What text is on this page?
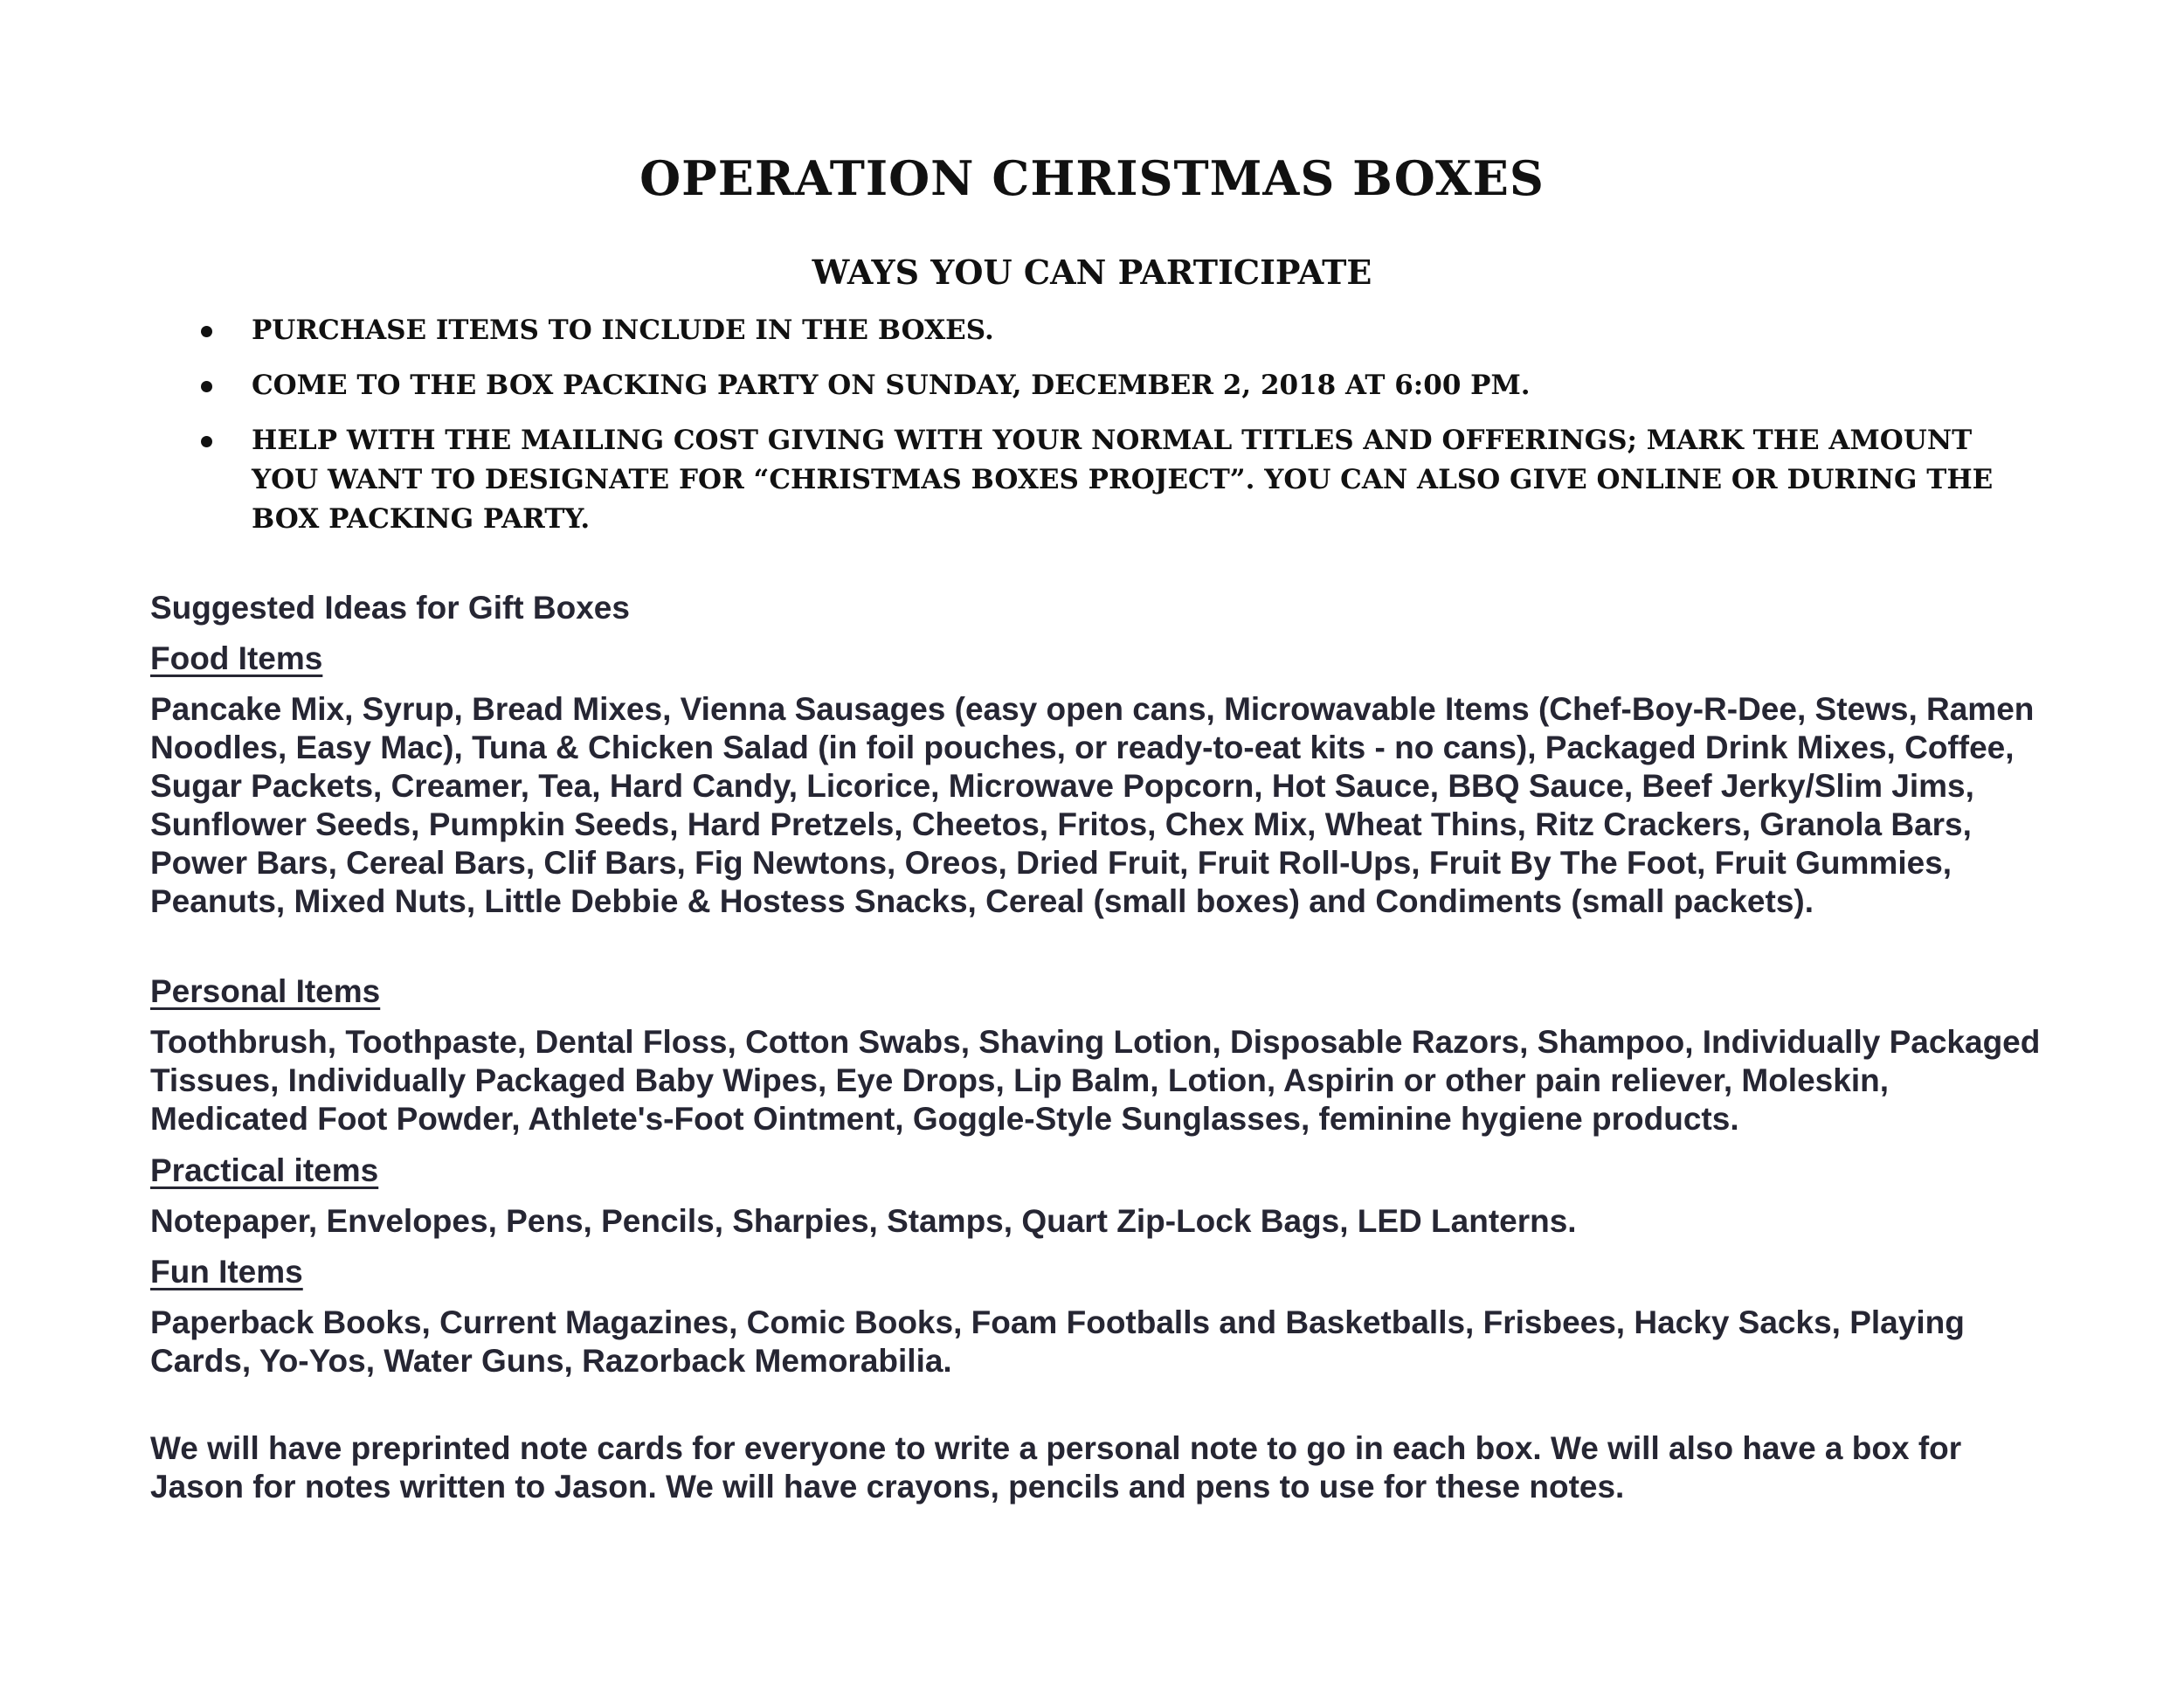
OPERATION CHRISTMAS BOXES
WAYS YOU CAN PARTICIPATE
PURCHASE ITEMS TO INCLUDE IN THE BOXES.
COME TO THE BOX PACKING PARTY ON SUNDAY, DECEMBER 2, 2018 AT 6:00 PM.
HELP WITH THE MAILING COST GIVING WITH YOUR NORMAL TITLES AND OFFERINGS; MARK THE AMOUNT YOU WANT TO DESIGNATE FOR “CHRISTMAS BOXES PROJECT”. YOU CAN ALSO GIVE ONLINE OR DURING THE BOX PACKING PARTY.
Suggested Ideas for Gift Boxes
Food Items
Pancake Mix, Syrup, Bread Mixes, Vienna Sausages (easy open cans, Microwavable Items (Chef-Boy-R-Dee, Stews, Ramen Noodles, Easy Mac), Tuna & Chicken Salad (in foil pouches, or ready-to-eat kits - no cans), Packaged Drink Mixes, Coffee, Sugar Packets, Creamer, Tea, Hard Candy, Licorice, Microwave Popcorn, Hot Sauce, BBQ Sauce, Beef Jerky/Slim Jims, Sunflower Seeds, Pumpkin Seeds, Hard Pretzels, Cheetos, Fritos, Chex Mix, Wheat Thins, Ritz Crackers, Granola Bars, Power Bars, Cereal Bars, Clif Bars, Fig Newtons, Oreos, Dried Fruit, Fruit Roll-Ups, Fruit By The Foot, Fruit Gummies, Peanuts, Mixed Nuts, Little Debbie & Hostess Snacks, Cereal (small boxes) and Condiments (small packets).
Personal Items
Toothbrush, Toothpaste, Dental Floss, Cotton Swabs, Shaving Lotion, Disposable Razors, Shampoo, Individually Packaged Tissues, Individually Packaged Baby Wipes, Eye Drops, Lip Balm, Lotion, Aspirin or other pain reliever, Moleskin, Medicated Foot Powder, Athlete's-Foot Ointment, Goggle-Style Sunglasses, feminine hygiene products.
Practical items
Notepaper, Envelopes, Pens, Pencils, Sharpies, Stamps, Quart Zip-Lock Bags, LED Lanterns.
Fun Items
Paperback Books, Current Magazines, Comic Books, Foam Footballs and Basketballs, Frisbees, Hacky Sacks, Playing Cards, Yo-Yos, Water Guns, Razorback Memorabilia.
We will have preprinted note cards for everyone to write a personal note to go in each box. We will also have a box for Jason for notes written to Jason. We will have crayons, pencils and pens to use for these notes.
